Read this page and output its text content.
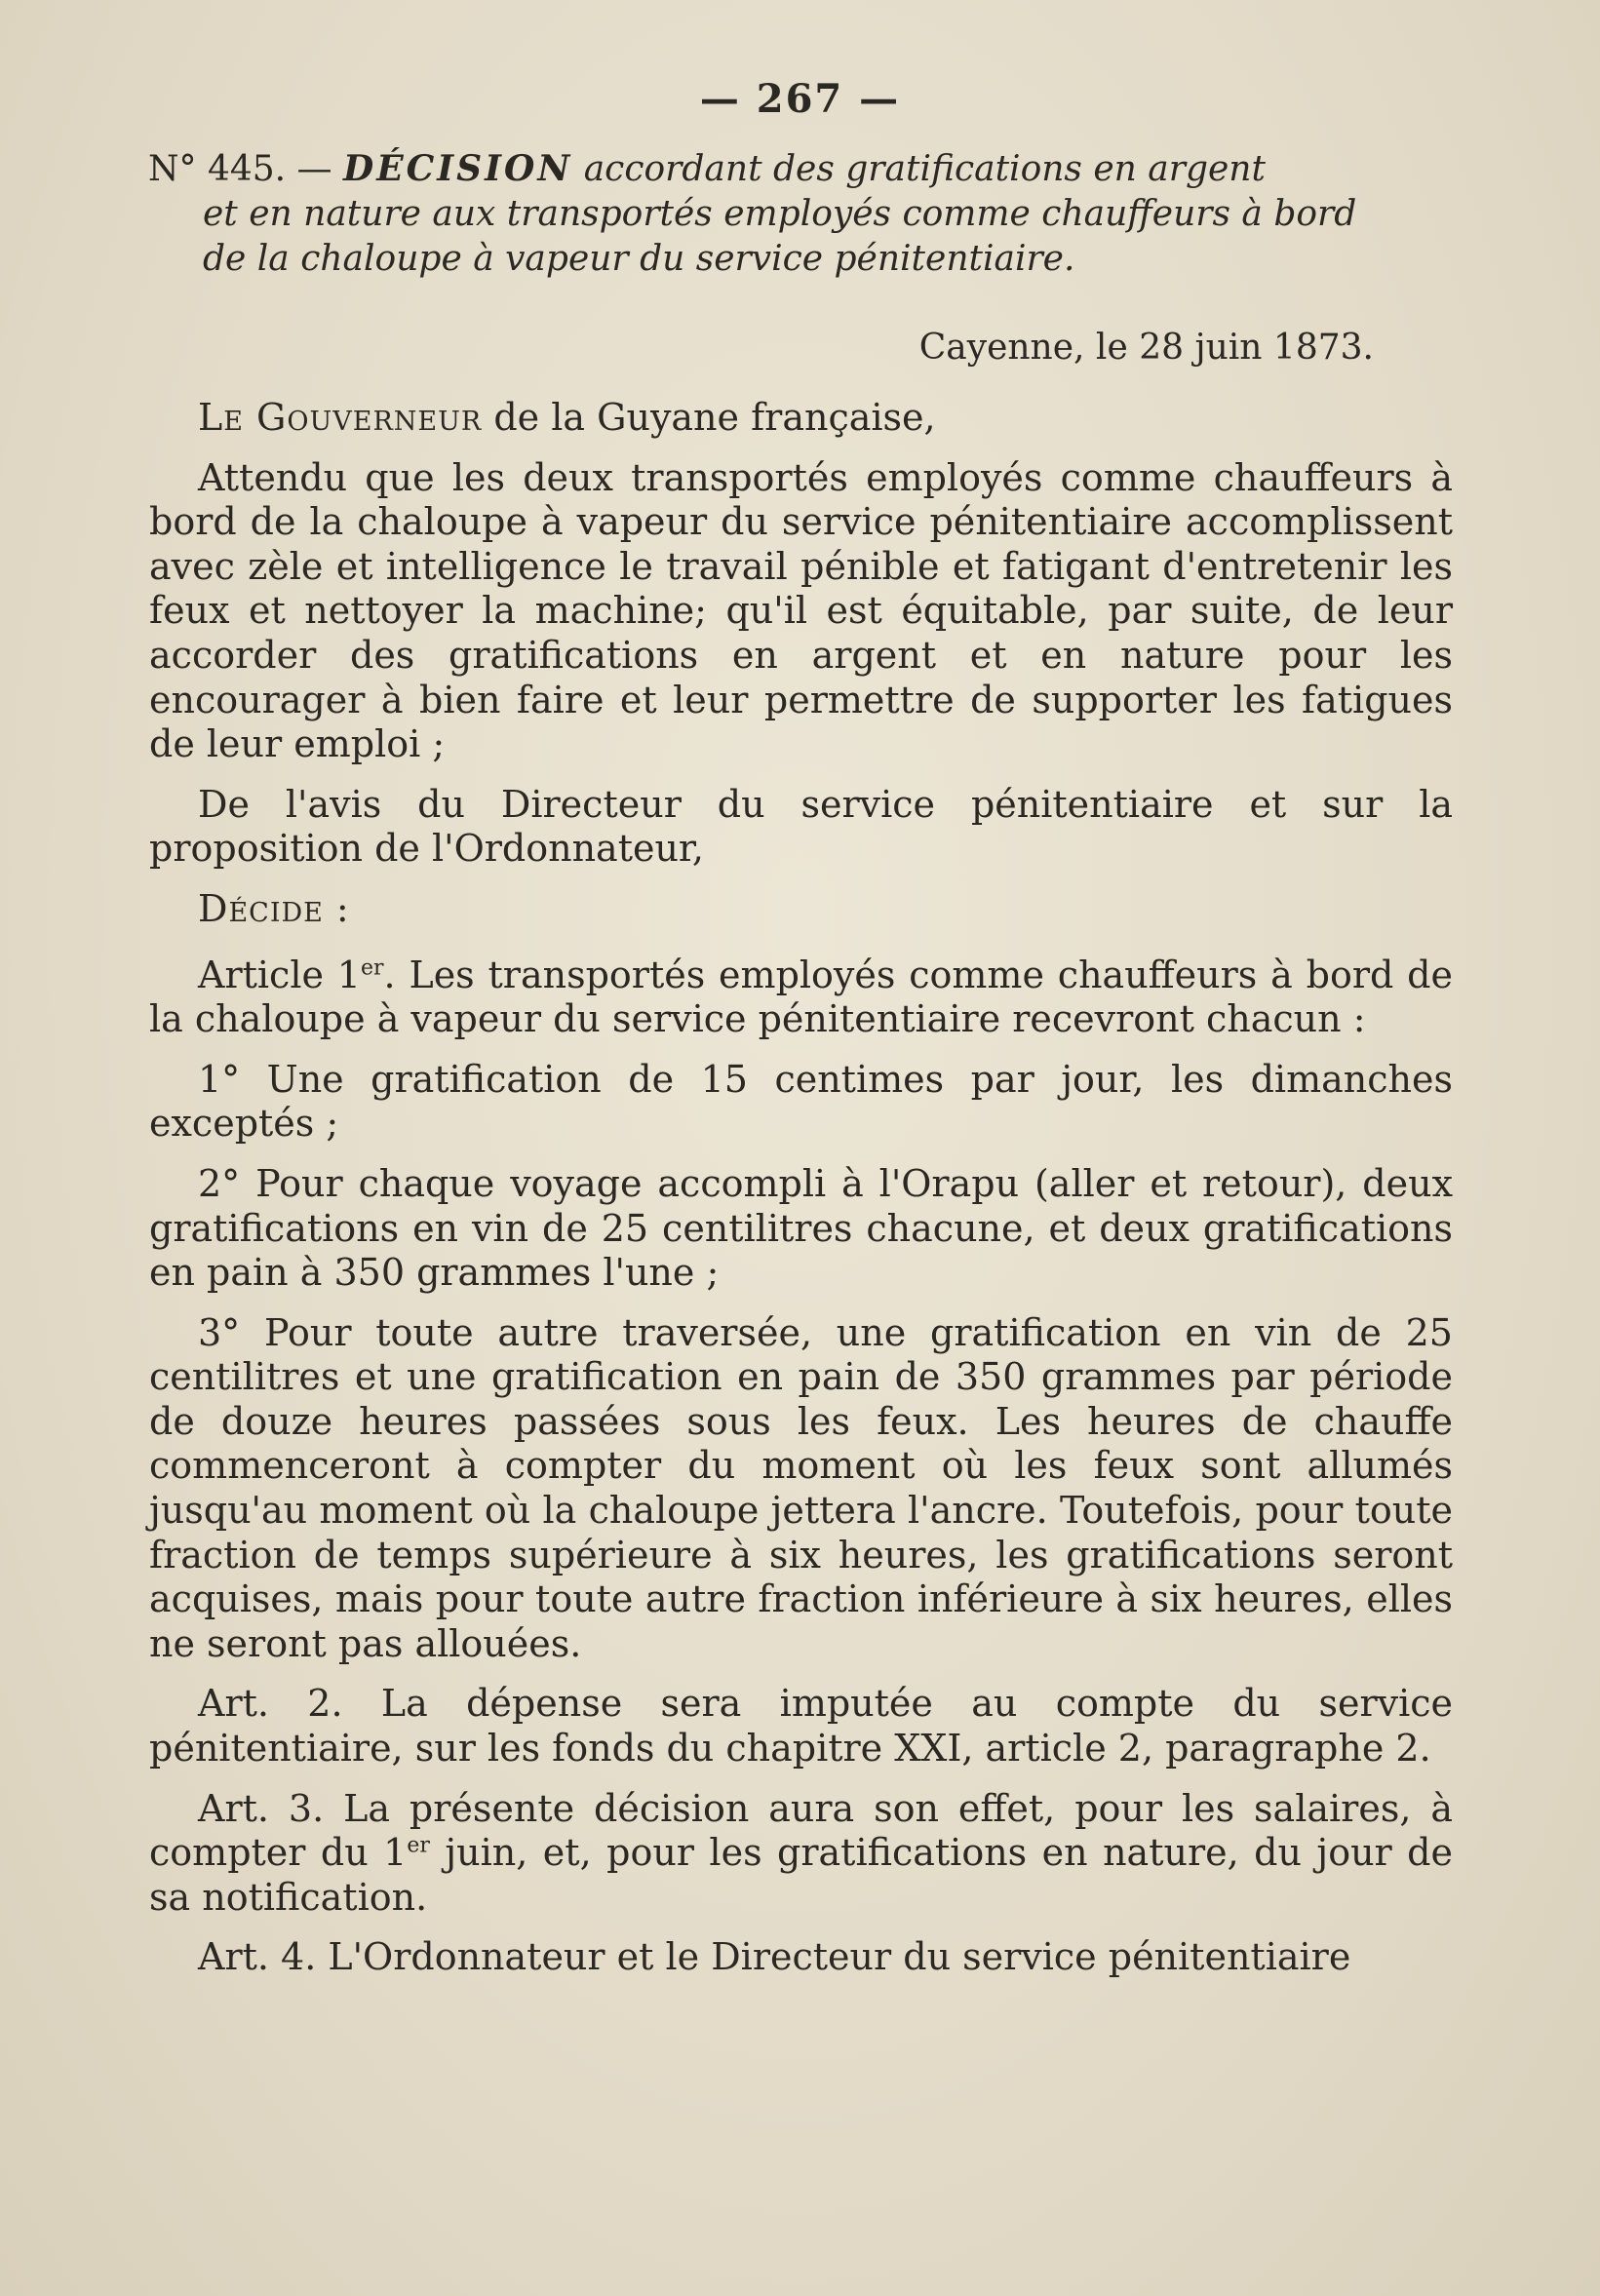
— 267 —
N° 445. — DÉCISION accordant des gratifications en argent
et en nature aux transportés employés comme chauffeurs à bord
de la chaloupe à vapeur du service pénitentiaire.
Cayenne, le 28 juin 1873.

Le Gouverneur de la Guyane française,

Attendu que les deux transportés employés comme chauffeurs à bord de la chaloupe à vapeur du service pénitentiaire accomplissent avec zèle et intelligence le travail pénible et fatigant d'entretenir les feux et nettoyer la machine; qu'il est équitable, par suite, de leur accorder des gratifications en argent et en nature pour les encourager à bien faire et leur permettre de supporter les fatigues de leur emploi ;

De l'avis du Directeur du service pénitentiaire et sur la proposition de l'Ordonnateur,

Décide :

Article 1er. Les transportés employés comme chauffeurs à bord de la chaloupe à vapeur du service pénitentiaire recevront chacun :

1° Une gratification de 15 centimes par jour, les dimanches exceptés ;

2° Pour chaque voyage accompli à l'Orapu (aller et retour), deux gratifications en vin de 25 centilitres chacune, et deux gratifications en pain à 350 grammes l'une ;

3° Pour toute autre traversée, une gratification en vin de 25 centilitres et une gratification en pain de 350 grammes par période de douze heures passées sous les feux. Les heures de chauffe commenceront à compter du moment où les feux sont allumés jusqu'au moment où la chaloupe jettera l'ancre. Toutefois, pour toute fraction de temps supérieure à six heures, les gratifications seront acquises, mais pour toute autre fraction inférieure à six heures, elles ne seront pas allouées.

Art. 2. La dépense sera imputée au compte du service pénitentiaire, sur les fonds du chapitre XXI, article 2, paragraphe 2.

Art. 3. La présente décision aura son effet, pour les salaires, à compter du 1er juin, et, pour les gratifications en nature, du jour de sa notification.

Art. 4. L'Ordonnateur et le Directeur du service pénitentiaire
